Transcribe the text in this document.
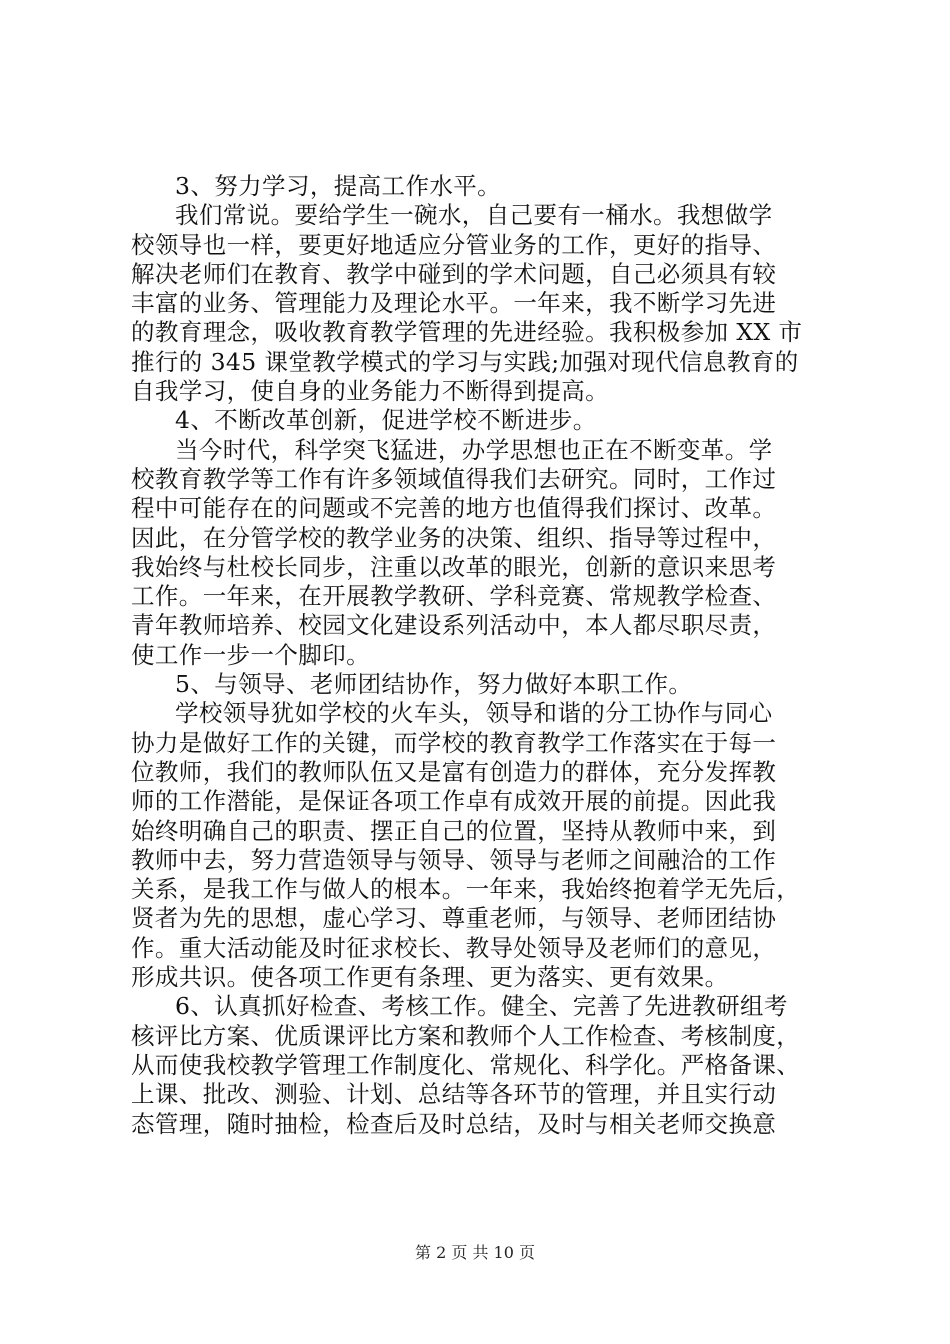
3、努力学习，提高工作水平。
我们常说。要给学生一碗水，自己要有一桶水。我想做学
校领导也一样，要更好地适应分管业务的工作，更好的指导、
解决老师们在教育、教学中碰到的学术问题，自己必须具有较
丰富的业务、管理能力及理论水平。一年来，我不断学习先进
的教育理念，吸收教育教学管理的先进经验。我积极参加 XX 市
推行的 345 课堂教学模式的学习与实践;加强对现代信息教育的
自我学习，使自身的业务能力不断得到提高。
4、不断改革创新，促进学校不断进步。
当今时代，科学突飞猛进，办学思想也正在不断变革。学
校教育教学等工作有许多领域值得我们去研究。同时，工作过
程中可能存在的问题或不完善的地方也值得我们探讨、改革。
因此，在分管学校的教学业务的决策、组织、指导等过程中，
我始终与杜校长同步，注重以改革的眼光，创新的意识来思考
工作。一年来，在开展教学教研、学科竞赛、常规教学检查、
青年教师培养、校园文化建设系列活动中，本人都尽职尽责，
使工作一步一个脚印。
5、与领导、老师团结协作，努力做好本职工作。
学校领导犹如学校的火车头，领导和谐的分工协作与同心
协力是做好工作的关键，而学校的教育教学工作落实在于每一
位教师，我们的教师队伍又是富有创造力的群体，充分发挥教
师的工作潜能，是保证各项工作卓有成效开展的前提。因此我
始终明确自己的职责、摆正自己的位置，坚持从教师中来，到
教师中去，努力营造领导与领导、领导与老师之间融洽的工作
关系，是我工作与做人的根本。一年来，我始终抱着学无先后，
贤者为先的思想，虚心学习、尊重老师，与领导、老师团结协
作。重大活动能及时征求校长、教导处领导及老师们的意见，
形成共识。使各项工作更有条理、更为落实、更有效果。
6、认真抓好检查、考核工作。健全、完善了先进教研组考
核评比方案、优质课评比方案和教师个人工作检查、考核制度，
从而使我校教学管理工作制度化、常规化、科学化。严格备课、
上课、批改、测验、计划、总结等各环节的管理，并且实行动
态管理，随时抽检，检查后及时总结，及时与相关老师交换意
第 2 页 共 10 页
